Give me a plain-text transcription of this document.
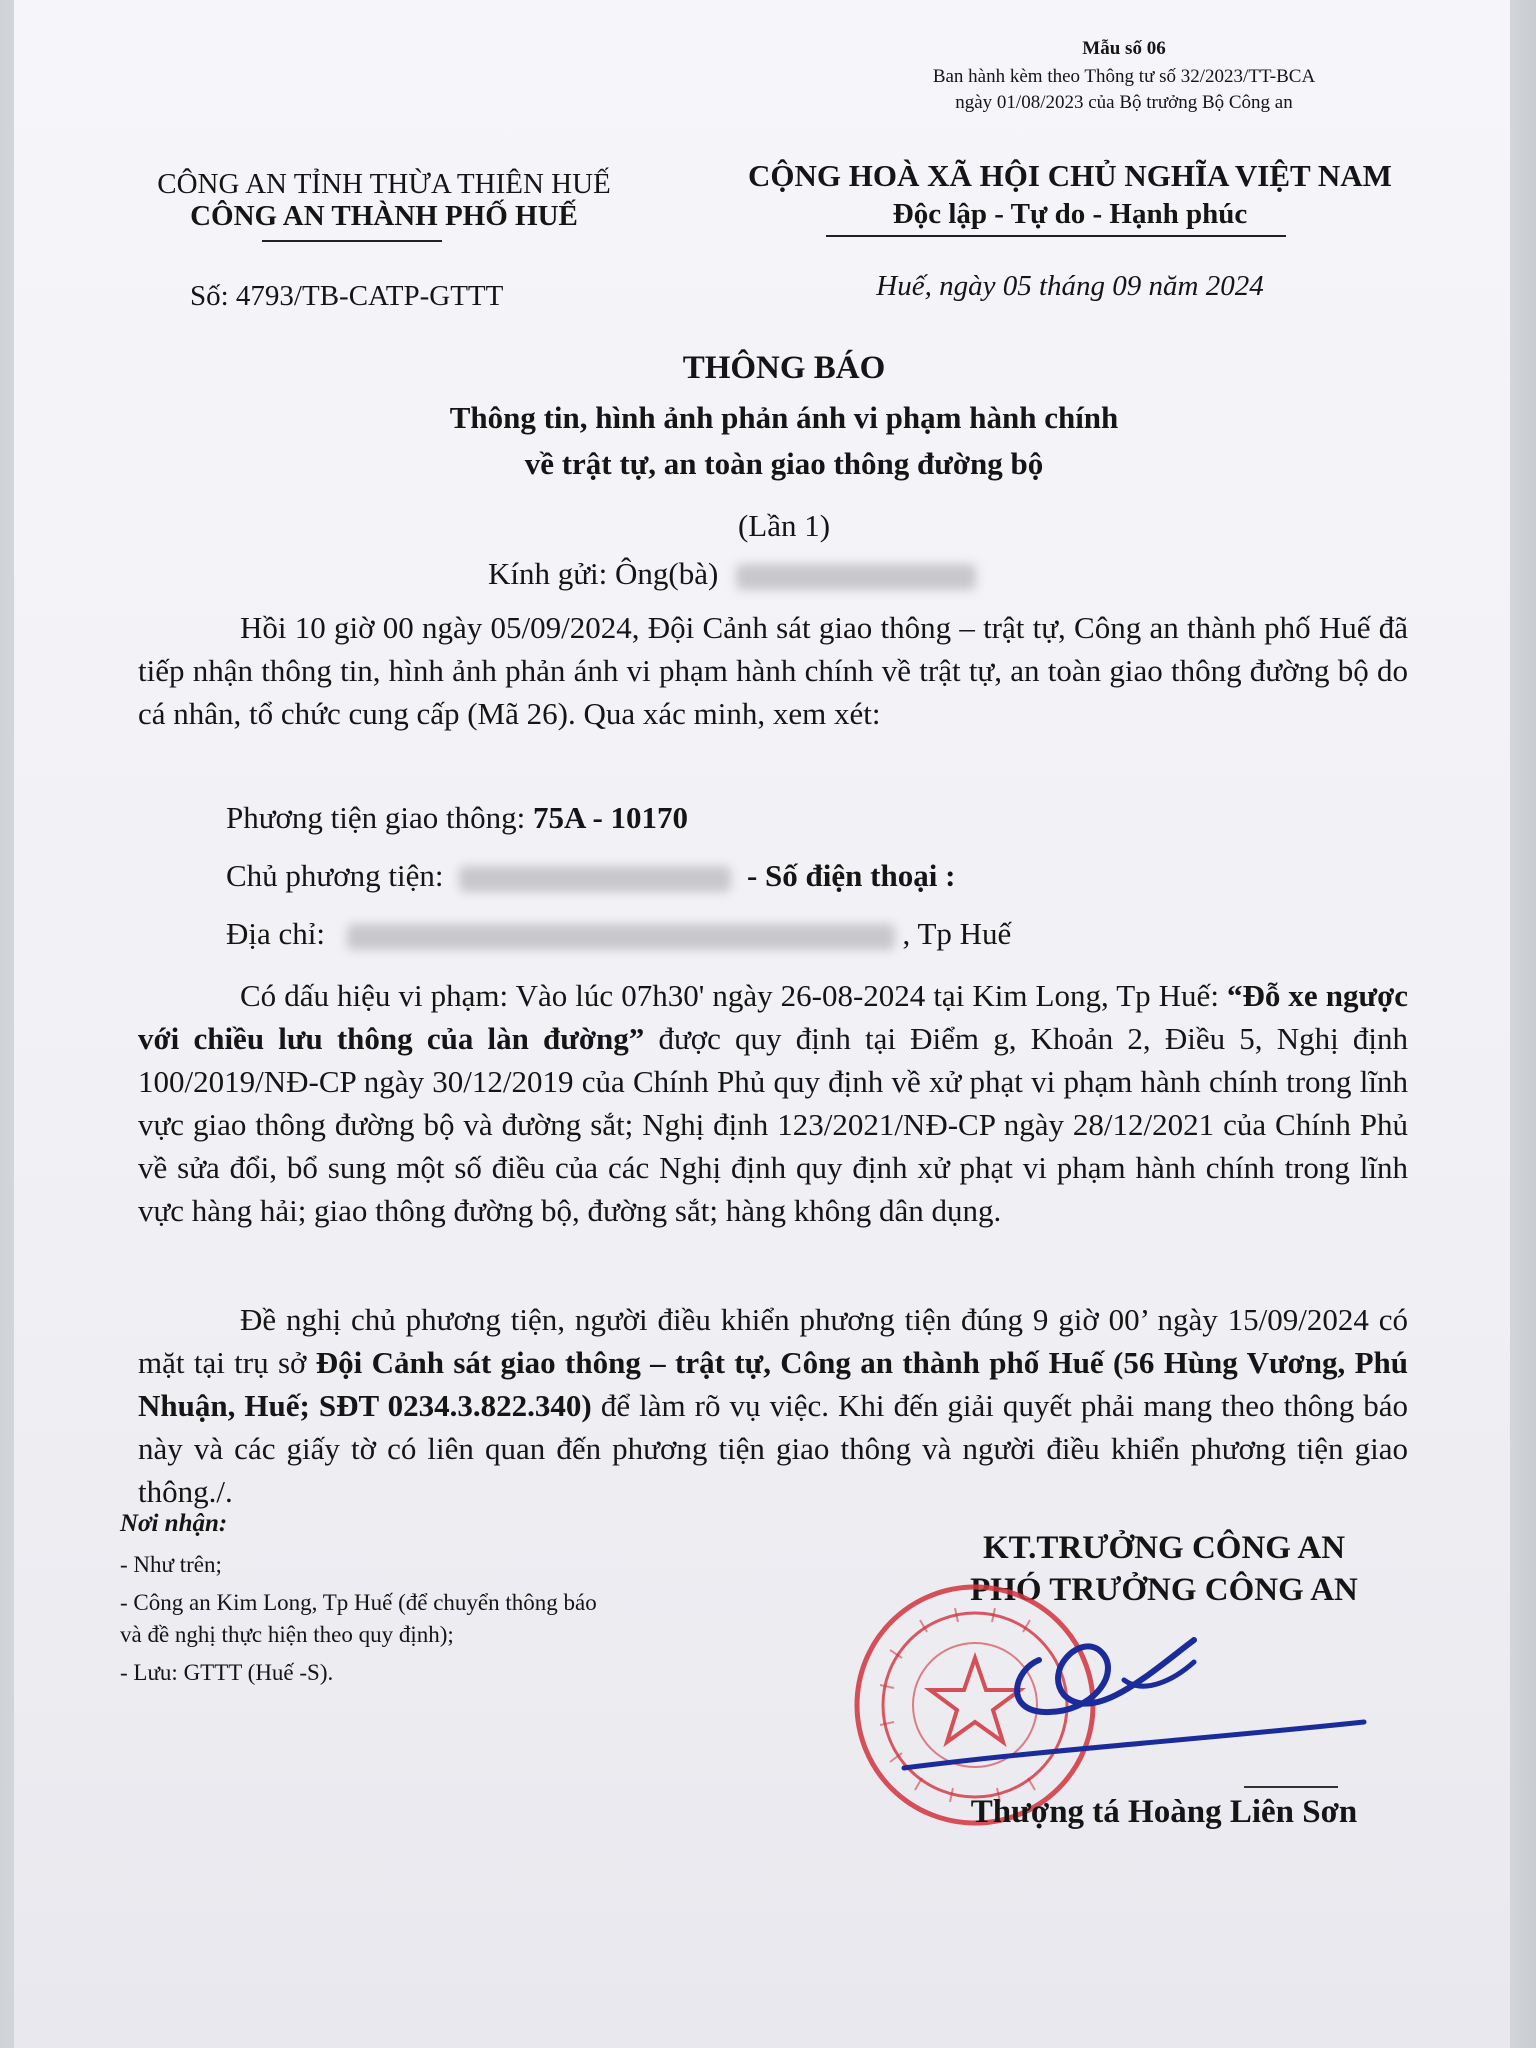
Mẫu số 06
Ban hành kèm theo Thông tư số 32/2023/TT-BCA
ngày 01/08/2023 của Bộ trưởng Bộ Công an
CÔNG AN TỈNH THỪA THIÊN HUẾ
CÔNG AN THÀNH PHỐ HUẾ
Số: 4793/TB-CATP-GTTT
CỘNG HOÀ XÃ HỘI CHỦ NGHĨA VIỆT NAM
Độc lập - Tự do - Hạnh phúc
Huế, ngày 05 tháng 09 năm 2024
THÔNG BÁO
Thông tin, hình ảnh phản ánh vi phạm hành chính
về trật tự, an toàn giao thông đường bộ
(Lần 1)
Kính gửi: Ông(bà)
Hồi 10 giờ 00 ngày 05/09/2024, Đội Cảnh sát giao thông – trật tự, Công an thành phố Huế đã tiếp nhận thông tin, hình ảnh phản ánh vi phạm hành chính về trật tự, an toàn giao thông đường bộ do cá nhân, tổ chức cung cấp (Mã 26). Qua xác minh, xem xét:
Phương tiện giao thông: 75A - 10170
Chủ phương tiện:	- Số điện thoại :
Địa chỉ:	, Tp Huế
Có dấu hiệu vi phạm: Vào lúc 07h30' ngày 26-08-2024 tại Kim Long, Tp Huế: “Đỗ xe ngược với chiều lưu thông của làn đường” được quy định tại Điểm g, Khoản 2, Điều 5, Nghị định 100/2019/NĐ-CP ngày 30/12/2019 của Chính Phủ quy định về xử phạt vi phạm hành chính trong lĩnh vực giao thông đường bộ và đường sắt; Nghị định 123/2021/NĐ-CP ngày 28/12/2021 của Chính Phủ về sửa đổi, bổ sung một số điều của các Nghị định quy định xử phạt vi phạm hành chính trong lĩnh vực hàng hải; giao thông đường bộ, đường sắt; hàng không dân dụng.
Đề nghị chủ phương tiện, người điều khiển phương tiện đúng 9 giờ 00’ ngày 15/09/2024 có mặt tại trụ sở Đội Cảnh sát giao thông – trật tự, Công an thành phố Huế (56 Hùng Vương, Phú Nhuận, Huế; SĐT 0234.3.822.340) để làm rõ vụ việc. Khi đến giải quyết phải mang theo thông báo này và các giấy tờ có liên quan đến phương tiện giao thông và người điều khiển phương tiện giao thông./.
Nơi nhận:
- Như trên;
- Công an Kim Long, Tp Huế (để chuyển thông báo
và đề nghị thực hiện theo quy định);
- Lưu: GTTT (Huế -S).
KT.TRƯỞNG CÔNG AN
PHÓ TRƯỞNG CÔNG AN
Thượng tá Hoàng Liên Sơn
